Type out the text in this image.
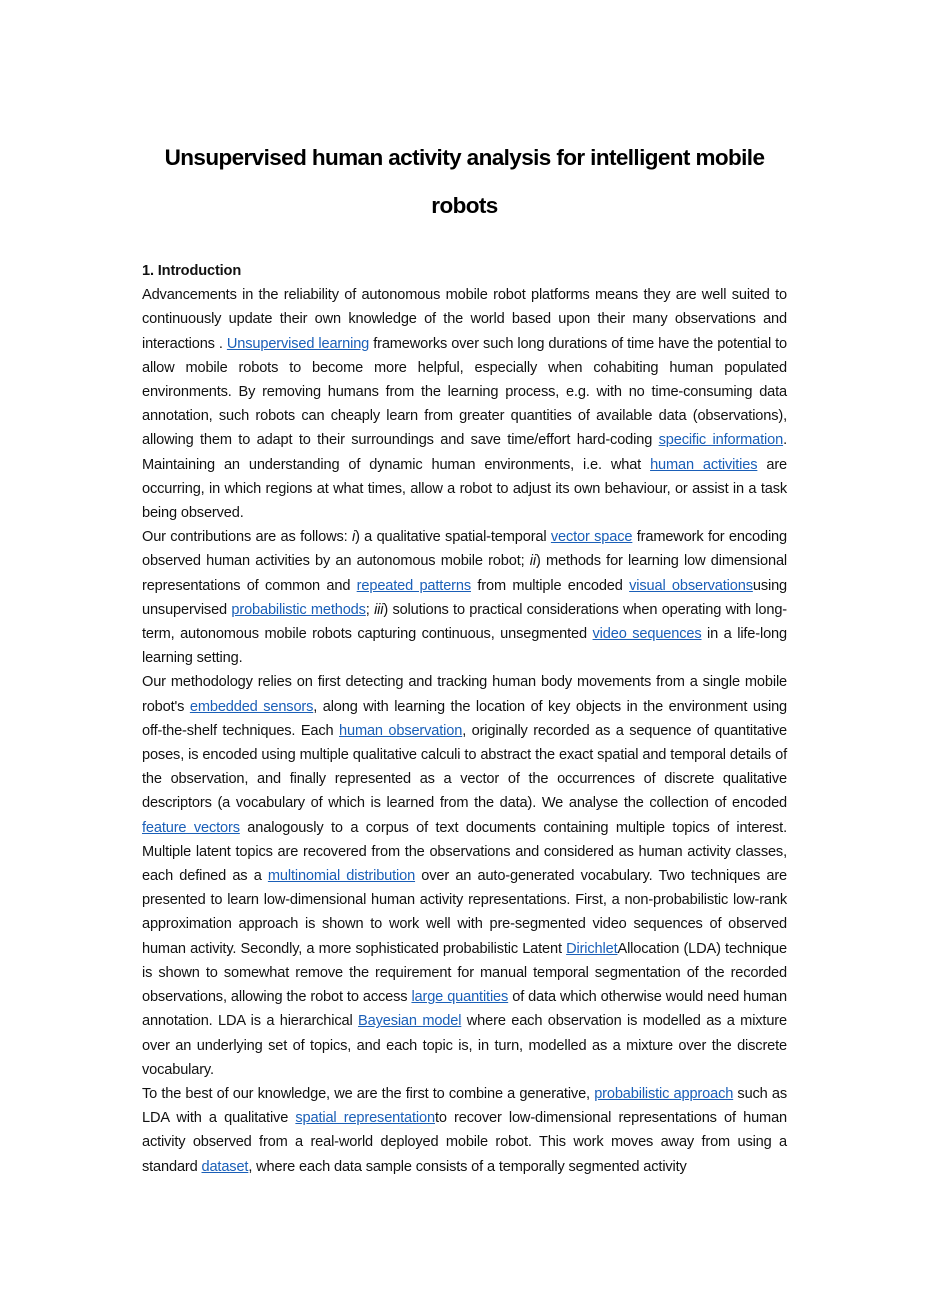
Unsupervised human activity analysis for intelligent mobile robots

1. Introduction

Advancements in the reliability of autonomous mobile robot platforms means they are well suited to continuously update their own knowledge of the world based upon their many observations and interactions . Unsupervised learning frameworks over such long durations of time have the potential to allow mobile robots to become more helpful, especially when cohabiting human populated environments. By removing humans from the learning process, e.g. with no time-consuming data annotation, such robots can cheaply learn from greater quantities of available data (observations), allowing them to adapt to their surroundings and save time/effort hard-coding specific information. Maintaining an understanding of dynamic human environments, i.e. what human activities are occurring, in which regions at what times, allow a robot to adjust its own behaviour, or assist in a task being observed.

Our contributions are as follows: i) a qualitative spatial-temporal vector space framework for encoding observed human activities by an autonomous mobile robot; ii) methods for learning low dimensional representations of common and repeated patterns from multiple encoded visual observationsusing unsupervised probabilistic methods; iii) solutions to practical considerations when operating with long-term, autonomous mobile robots capturing continuous, unsegmented video sequences in a life-long learning setting.

Our methodology relies on first detecting and tracking human body movements from a single mobile robot's embedded sensors, along with learning the location of key objects in the environment using off-the-shelf techniques. Each human observation, originally recorded as a sequence of quantitative poses, is encoded using multiple qualitative calculi to abstract the exact spatial and temporal details of the observation, and finally represented as a vector of the occurrences of discrete qualitative descriptors (a vocabulary of which is learned from the data). We analyse the collection of encoded feature vectors analogously to a corpus of text documents containing multiple topics of interest. Multiple latent topics are recovered from the observations and considered as human activity classes, each defined as a multinomial distribution over an auto-generated vocabulary. Two techniques are presented to learn low-dimensional human activity representations. First, a non-probabilistic low-rank approximation approach is shown to work well with pre-segmented video sequences of observed human activity. Secondly, a more sophisticated probabilistic Latent DirichletAllocation (LDA) technique is shown to somewhat remove the requirement for manual temporal segmentation of the recorded observations, allowing the robot to access large quantities of data which otherwise would need human annotation. LDA is a hierarchical Bayesian model where each observation is modelled as a mixture over an underlying set of topics, and each topic is, in turn, modelled as a mixture over the discrete vocabulary.

To the best of our knowledge, we are the first to combine a generative, probabilistic approach such as LDA with a qualitative spatial representationto recover low-dimensional representations of human activity observed from a real-world deployed mobile robot. This work moves away from using a standard dataset, where each data sample consists of a temporally segmented activity
